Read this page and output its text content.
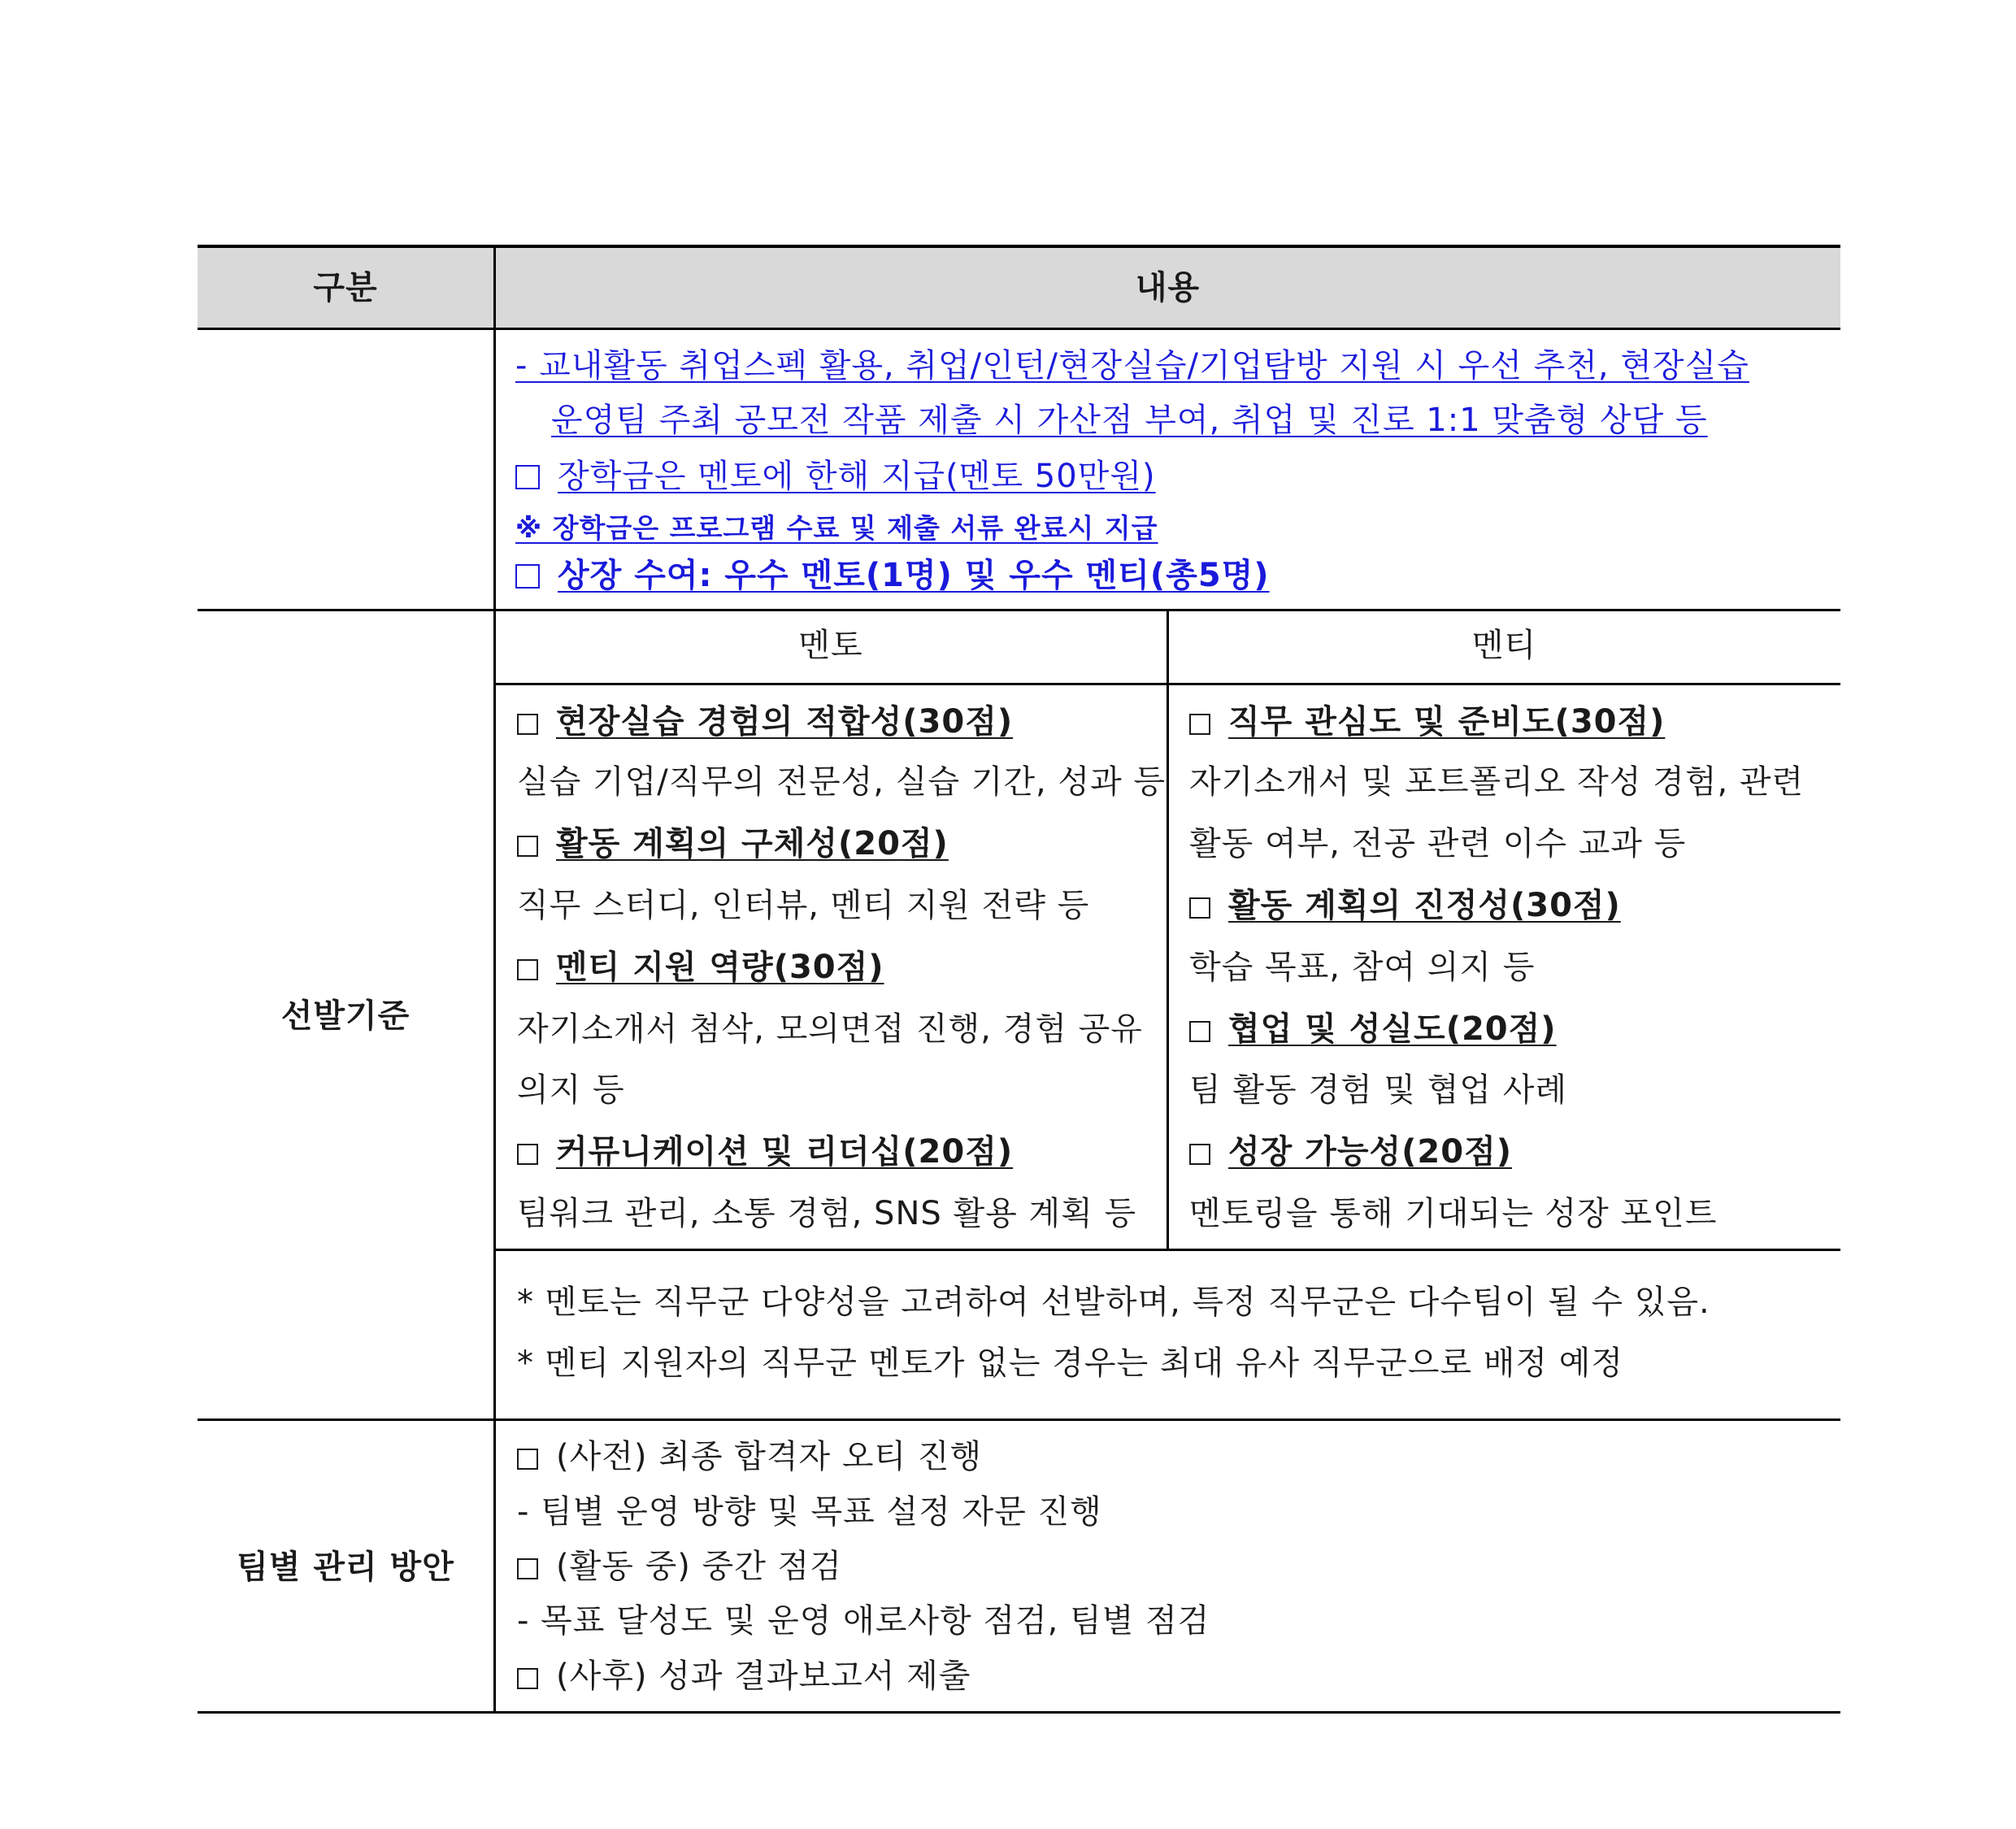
구분	내용
- 교내활동 취업스펙 활용, 취업/인턴/현장실습/기업탐방 지원 시 우선 추천, 현장실습
운영팀 주최 공모전 작품 제출 시 가산점 부여, 취업 및 진로 1:1 맞춤형 상담 등
장학금은 멘토에 한해 지급(멘토 50만원)
※ 장학금은 프로그램 수료 및 제출 서류 완료시 지급
상장 수여: 우수 멘토(1명) 및 우수 멘티(총5명)
선발기준
멘토	멘티
현장실습 경험의 적합성(30점)
실습 기업/직무의 전문성, 실습 기간, 성과 등
활동 계획의 구체성(20점)
직무 스터디, 인터뷰, 멘티 지원 전략 등
멘티 지원 역량(30점)
자기소개서 첨삭, 모의면접 진행, 경험 공유
의지 등
커뮤니케이션 및 리더십(20점)
팀워크 관리, 소통 경험, SNS 활용 계획 등
직무 관심도 및 준비도(30점)
자기소개서 및 포트폴리오 작성 경험, 관련
활동 여부, 전공 관련 이수 교과 등
활동 계획의 진정성(30점)
학습 목표, 참여 의지 등
협업 및 성실도(20점)
팀 활동 경험 및 협업 사례
성장 가능성(20점)
멘토링을 통해 기대되는 성장 포인트
* 멘토는 직무군 다양성을 고려하여 선발하며, 특정 직무군은 다수팀이 될 수 있음.
* 멘티 지원자의 직무군 멘토가 없는 경우는 최대 유사 직무군으로 배정 예정
팀별 관리 방안
(사전) 최종 합격자 오티 진행
- 팀별 운영 방향 및 목표 설정 자문 진행
(활동 중) 중간 점검
- 목표 달성도 및 운영 애로사항 점검, 팀별 점검
(사후) 성과 결과보고서 제출
